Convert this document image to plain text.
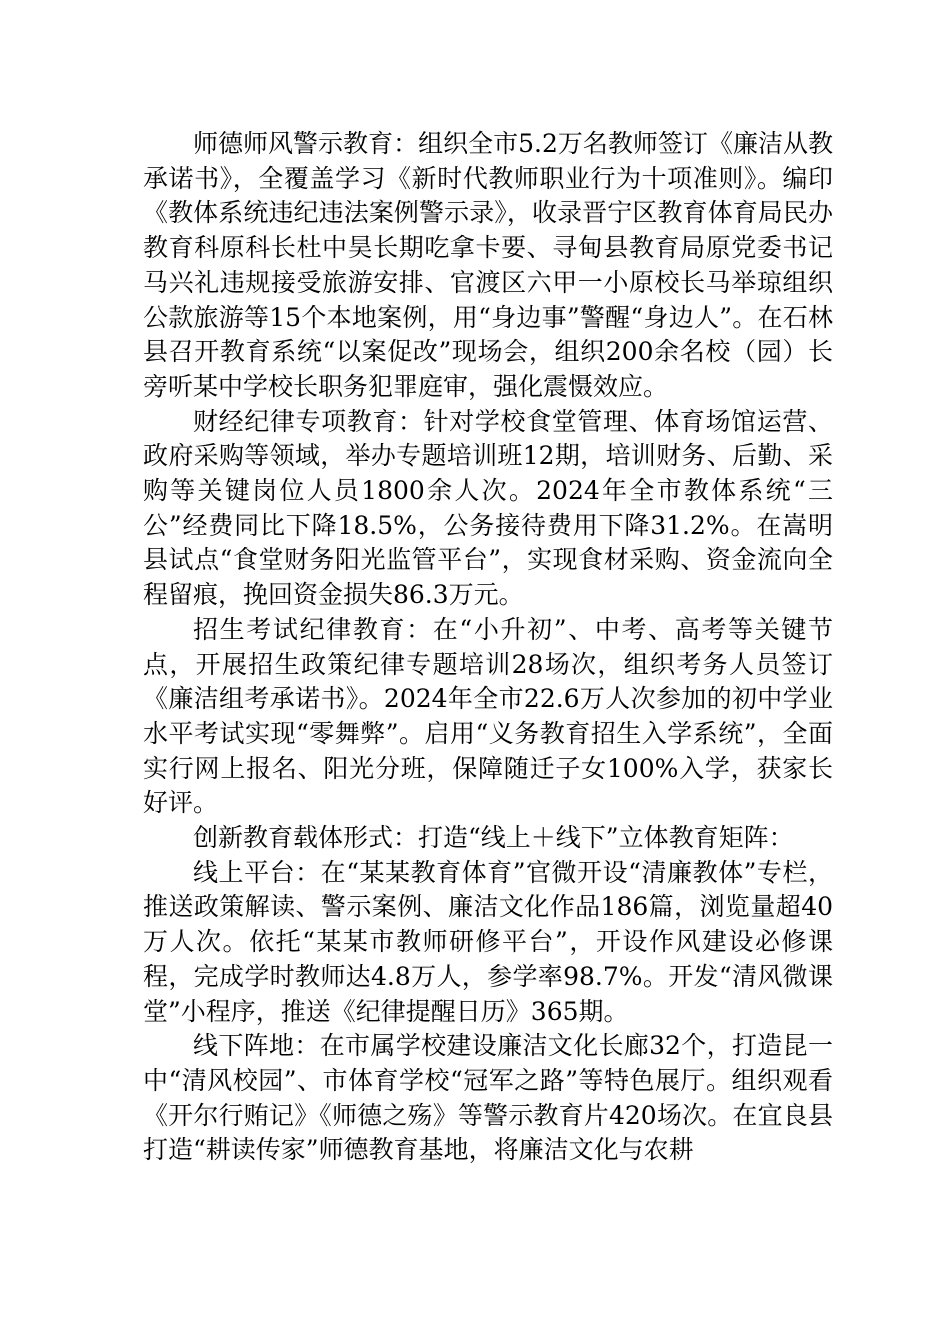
师德师风警示教育：组织全市5.2万名教师签订《廉洁从教承诺书》，全覆盖学习《新时代教师职业行为十项准则》。编印《教体系统违纪违法案例警示录》，收录晋宁区教育体育局民办教育科原科长杜中昊长期吃拿卡要、寻甸县教育局原党委书记马兴礼违规接受旅游安排、官渡区六甲一小原校长马举琼组织公款旅游等15个本地案例，用“身边事”警醒“身边人”。在石林县召开教育系统“以案促改”现场会，组织200余名校（园）长旁听某中学校长职务犯罪庭审，强化震慑效应。

财经纪律专项教育：针对学校食堂管理、体育场馆运营、政府采购等领域，举办专题培训班12期，培训财务、后勤、采购等关键岗位人员1800余人次。2024年全市教体系统“三公”经费同比下降18.5%，公务接待费用下降31.2%。在嵩明县试点“食堂财务阳光监管平台”，实现食材采购、资金流向全程留痕，挽回资金损失86.3万元。

招生考试纪律教育：在“小升初”、中考、高考等关键节点，开展招生政策纪律专题培训28场次，组织考务人员签订《廉洁组考承诺书》。2024年全市22.6万人次参加的初中学业水平考试实现“零舞弊”。启用“义务教育招生入学系统”，全面实行网上报名、阳光分班，保障随迁子女100%入学，获家长好评。

创新教育载体形式：打造“线上＋线下”立体教育矩阵：

线上平台：在“某某教育体育”官微开设“清廉教体”专栏，推送政策解读、警示案例、廉洁文化作品186篇，浏览量超40万人次。依托“某某市教师研修平台”，开设作风建设必修课程，完成学时教师达4.8万人，参学率98.7%。开发“清风微课堂”小程序，推送《纪律提醒日历》365期。

线下阵地：在市属学校建设廉洁文化长廊32个，打造昆一中“清风校园”、市体育学校“冠军之路”等特色展厅。组织观看《开尔行贿记》《师德之殇》等警示教育片420场次。在宜良县打造“耕读传家”师德教育基地，将廉洁文化与农耕
